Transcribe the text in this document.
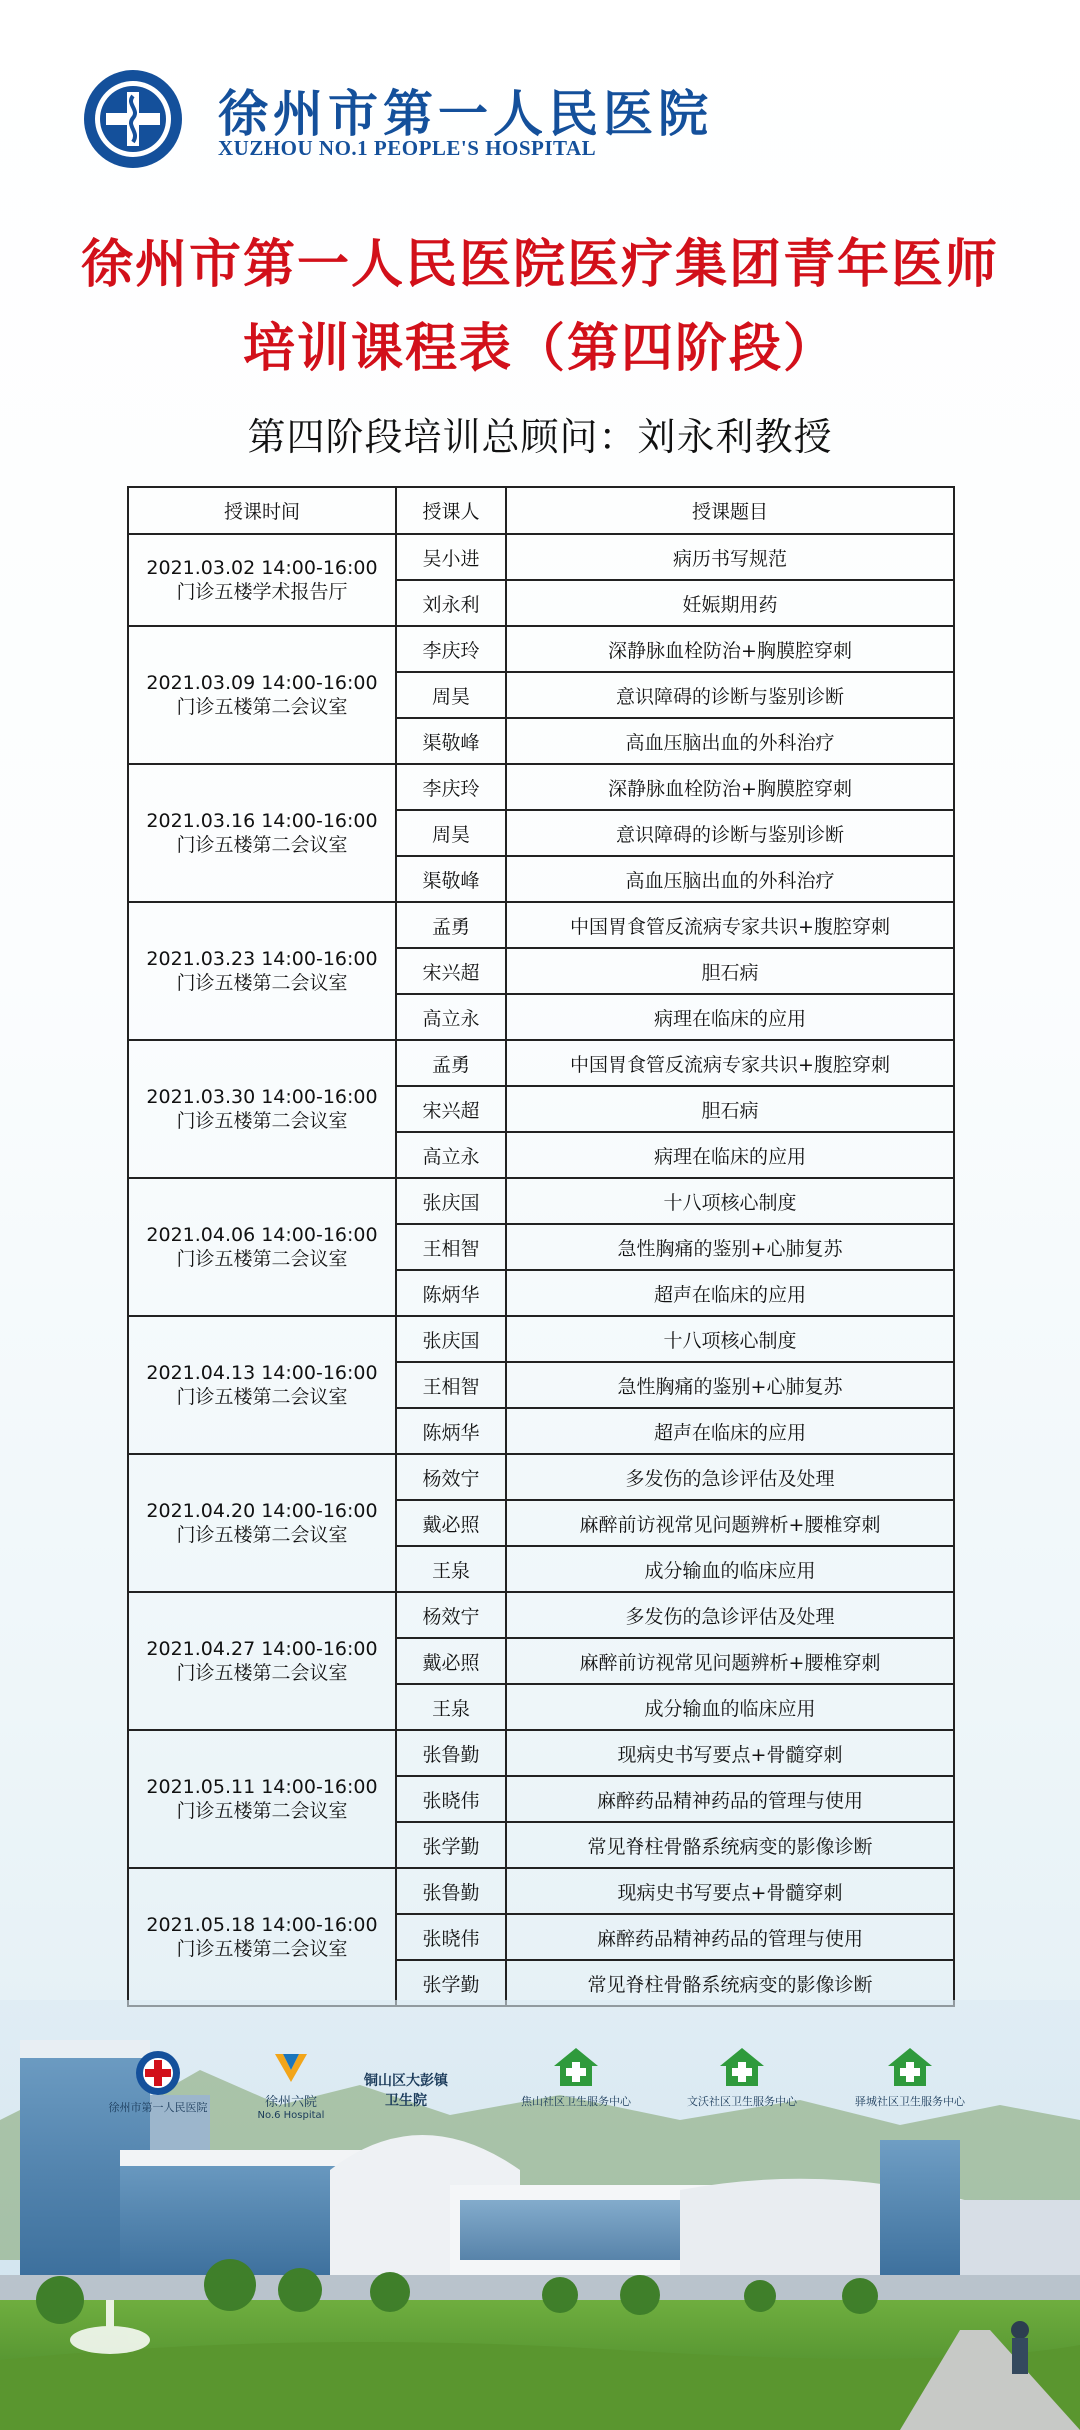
徐州市第一人民医院
XUZHOU NO.1 PEOPLE'S HOSPITAL
徐州市第一人民医院医疗集团青年医师
培训课程表（第四阶段）
第四阶段培训总顾问：刘永利教授
授课时间	授课人	授课题目

2021.03.02 14:00-16:00
门诊五楼学术报告厅	吴小进	病历书写规范
	刘永利	妊娠期用药

2021.03.09 14:00-16:00
门诊五楼第二会议室	李庆玲	深静脉血栓防治+胸膜腔穿刺
	周昊	意识障碍的诊断与鉴别诊断
	渠敬峰	高血压脑出血的外科治疗

2021.03.16 14:00-16:00
门诊五楼第二会议室	李庆玲	深静脉血栓防治+胸膜腔穿刺
	周昊	意识障碍的诊断与鉴别诊断
	渠敬峰	高血压脑出血的外科治疗

2021.03.23 14:00-16:00
门诊五楼第二会议室	孟勇	中国胃食管反流病专家共识+腹腔穿刺
	宋兴超	胆石病
	高立永	病理在临床的应用

2021.03.30 14:00-16:00
门诊五楼第二会议室	孟勇	中国胃食管反流病专家共识+腹腔穿刺
	宋兴超	胆石病
	高立永	病理在临床的应用

2021.04.06 14:00-16:00
门诊五楼第二会议室	张庆国	十八项核心制度
	王相智	急性胸痛的鉴别+心肺复苏
	陈炳华	超声在临床的应用

2021.04.13 14:00-16:00
门诊五楼第二会议室	张庆国	十八项核心制度
	王相智	急性胸痛的鉴别+心肺复苏
	陈炳华	超声在临床的应用

2021.04.20 14:00-16:00
门诊五楼第二会议室	杨效宁	多发伤的急诊评估及处理
	戴必照	麻醉前访视常见问题辨析+腰椎穿刺
	王泉	成分输血的临床应用

2021.04.27 14:00-16:00
门诊五楼第二会议室	杨效宁	多发伤的急诊评估及处理
	戴必照	麻醉前访视常见问题辨析+腰椎穿刺
	王泉	成分输血的临床应用

2021.05.11 14:00-16:00
门诊五楼第二会议室	张鲁勤	现病史书写要点+骨髓穿刺
	张晓伟	麻醉药品精神药品的管理与使用
	张学勤	常见脊柱骨骼系统病变的影像诊断

2021.05.18 14:00-16:00
门诊五楼第二会议室	张鲁勤	现病史书写要点+骨髓穿刺
	张晓伟	麻醉药品精神药品的管理与使用
	张学勤	常见脊柱骨骼系统病变的影像诊断
徐州市第一人民医院	徐州六院
No.6 Hospital
铜山区大彭镇
卫生院	焦山社区卫生服务中心	文沃社区卫生服务中心	驿城社区卫生服务中心
